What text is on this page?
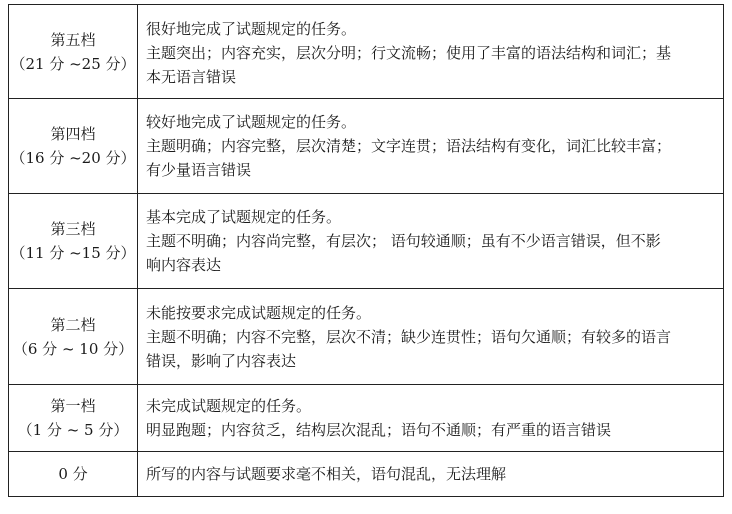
第五档
（21 分 ~25 分）	很好地完成了试题规定的任务。
主题突出；内容充实，层次分明；行文流畅；使用了丰富的语法结构和词汇；基
本无语言错误

第四档
（16 分 ~20 分）	较好地完成了试题规定的任务。
主题明确；内容完整，层次清楚；文字连贯；语法结构有变化，词汇比较丰富；
有少量语言错误

第三档
（11 分 ~15 分）	基本完成了试题规定的任务。
主题不明确；内容尚完整，有层次； 语句较通顺；虽有不少语言错误，但不影
响内容表达

第二档
（6 分 ~ 10 分）	未能按要求完成试题规定的任务。
主题不明确；内容不完整，层次不清；缺少连贯性；语句欠通顺；有较多的语言
错误，影响了内容表达

第一档
（1 分 ~ 5 分）	未完成试题规定的任务。
明显跑题；内容贫乏，结构层次混乱；语句不通顺；有严重的语言错误

0 分	所写的内容与试题要求毫不相关，语句混乱，无法理解
